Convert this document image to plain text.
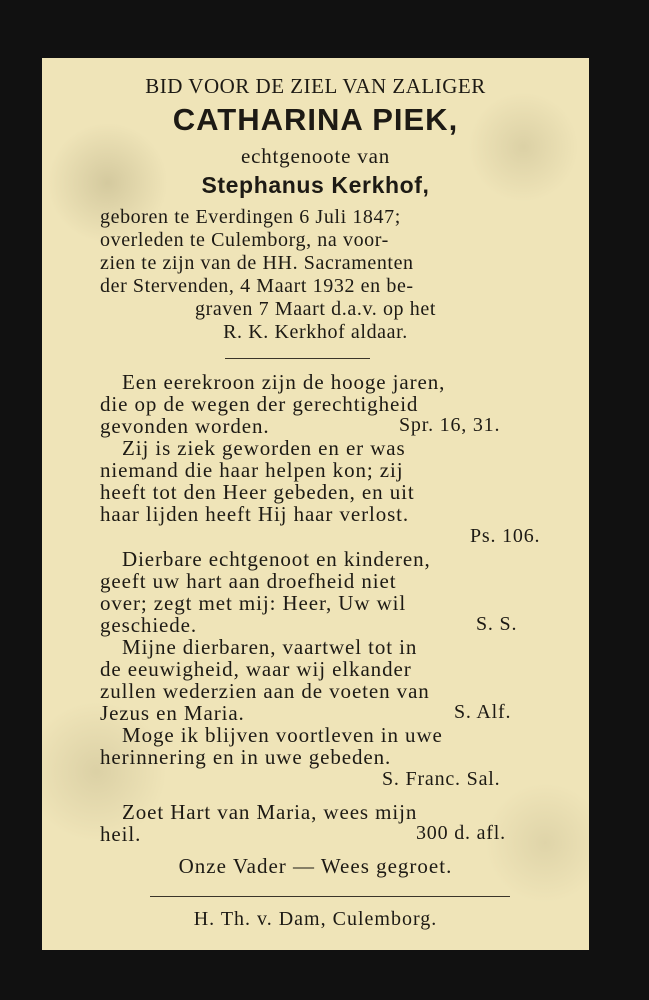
BID VOOR DE ZIEL VAN ZALIGER
CATHARINA PIEK,
echtgenoote van
Stephanus Kerkhof,
geboren te Everdingen 6 Juli 1847;
overleden te Culemborg, na voor-
zien te zijn van de HH. Sacramenten
der Stervenden, 4 Maart 1932 en be-
graven 7 Maart d.a.v. op het
R. K. Kerkhof aldaar.
Een eerekroon zijn de hooge jaren,
die op de wegen der gerechtigheid
gevonden worden.	Spr. 16, 31.
Zij is ziek geworden en er was
niemand die haar helpen kon; zij
heeft tot den Heer gebeden, en uit
haar lijden heeft Hij haar verlost.
Ps. 106.
Dierbare echtgenoot en kinderen,
geeft uw hart aan droefheid niet
over; zegt met mij: Heer, Uw wil
geschiede.	S. S.
Mijne dierbaren, vaartwel tot in
de eeuwigheid, waar wij elkander
zullen wederzien aan de voeten van
Jezus en Maria.	S. Alf.
Moge ik blijven voortleven in uwe
herinnering en in uwe gebeden.
S. Franc. Sal.
Zoet Hart van Maria, wees mijn
heil.	300 d. afl.
Onze Vader — Wees gegroet.
H. Th. v. Dam, Culemborg.
